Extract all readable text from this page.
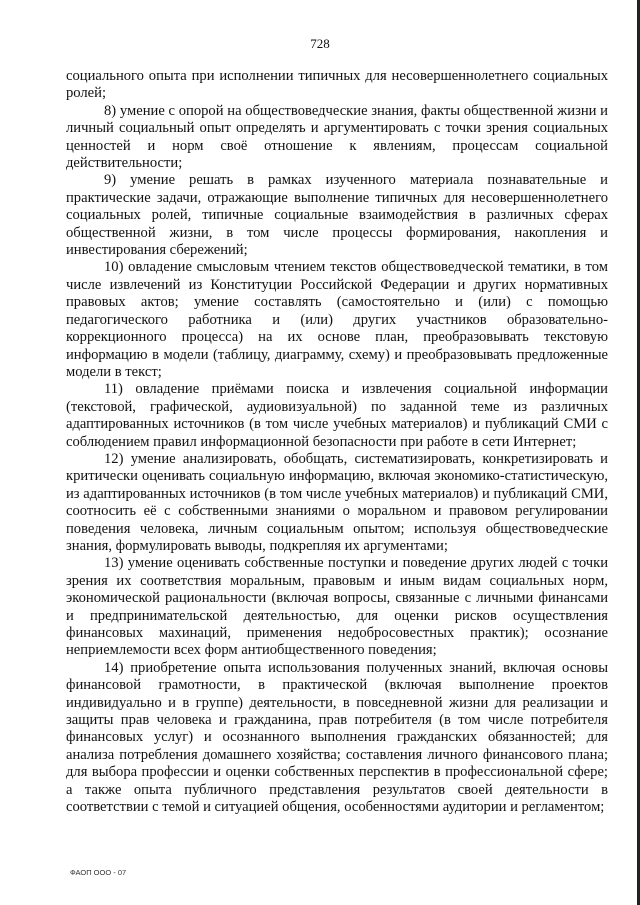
728

социального опыта при исполнении типичных для несовершеннолетнего социальных ролей;

8) умение с опорой на обществоведческие знания, факты общественной жизни и личный социальный опыт определять и аргументировать с точки зрения социальных ценностей и норм своё отношение к явлениям, процессам социальной действительности;

9) умение решать в рамках изученного материала познавательные и практические задачи, отражающие выполнение типичных для несовершеннолетнего социальных ролей, типичные социальные взаимодействия в различных сферах общественной жизни, в том числе процессы формирования, накопления и инвестирования сбережений;

10) овладение смысловым чтением текстов обществоведческой тематики, в том числе извлечений из Конституции Российской Федерации и других нормативных правовых актов; умение составлять (самостоятельно и (или) с помощью педагогического работника и (или) других участников образовательно-коррекционного процесса) на их основе план, преобразовывать текстовую информацию в модели (таблицу, диаграмму, схему) и преобразовывать предложенные модели в текст;

11) овладение приёмами поиска и извлечения социальной информации (текстовой, графической, аудиовизуальной) по заданной теме из различных адаптированных источников (в том числе учебных материалов) и публикаций СМИ с соблюдением правил информационной безопасности при работе в сети Интернет;

12) умение анализировать, обобщать, систематизировать, конкретизировать и критически оценивать социальную информацию, включая экономико-статистическую, из адаптированных источников (в том числе учебных материалов) и публикаций СМИ, соотносить её с собственными знаниями о моральном и правовом регулировании поведения человека, личным социальным опытом; используя обществоведческие знания, формулировать выводы, подкрепляя их аргументами;

13) умение оценивать собственные поступки и поведение других людей с точки зрения их соответствия моральным, правовым и иным видам социальных норм, экономической рациональности (включая вопросы, связанные с личными финансами и предпринимательской деятельностью, для оценки рисков осуществления финансовых махинаций, применения недобросовестных практик); осознание неприемлемости всех форм антиобщественного поведения;

14) приобретение опыта использования полученных знаний, включая основы финансовой грамотности, в практической (включая выполнение проектов индивидуально и в группе) деятельности, в повседневной жизни для реализации и защиты прав человека и гражданина, прав потребителя (в том числе потребителя финансовых услуг) и осознанного выполнения гражданских обязанностей; для анализа потребления домашнего хозяйства; составления личного финансового плана; для выбора профессии и оценки собственных перспектив в профессиональной сфере; а также опыта публичного представления результатов своей деятельности в соответствии с темой и ситуацией общения, особенностями аудитории и регламентом;

ФАОП ООО - 07
